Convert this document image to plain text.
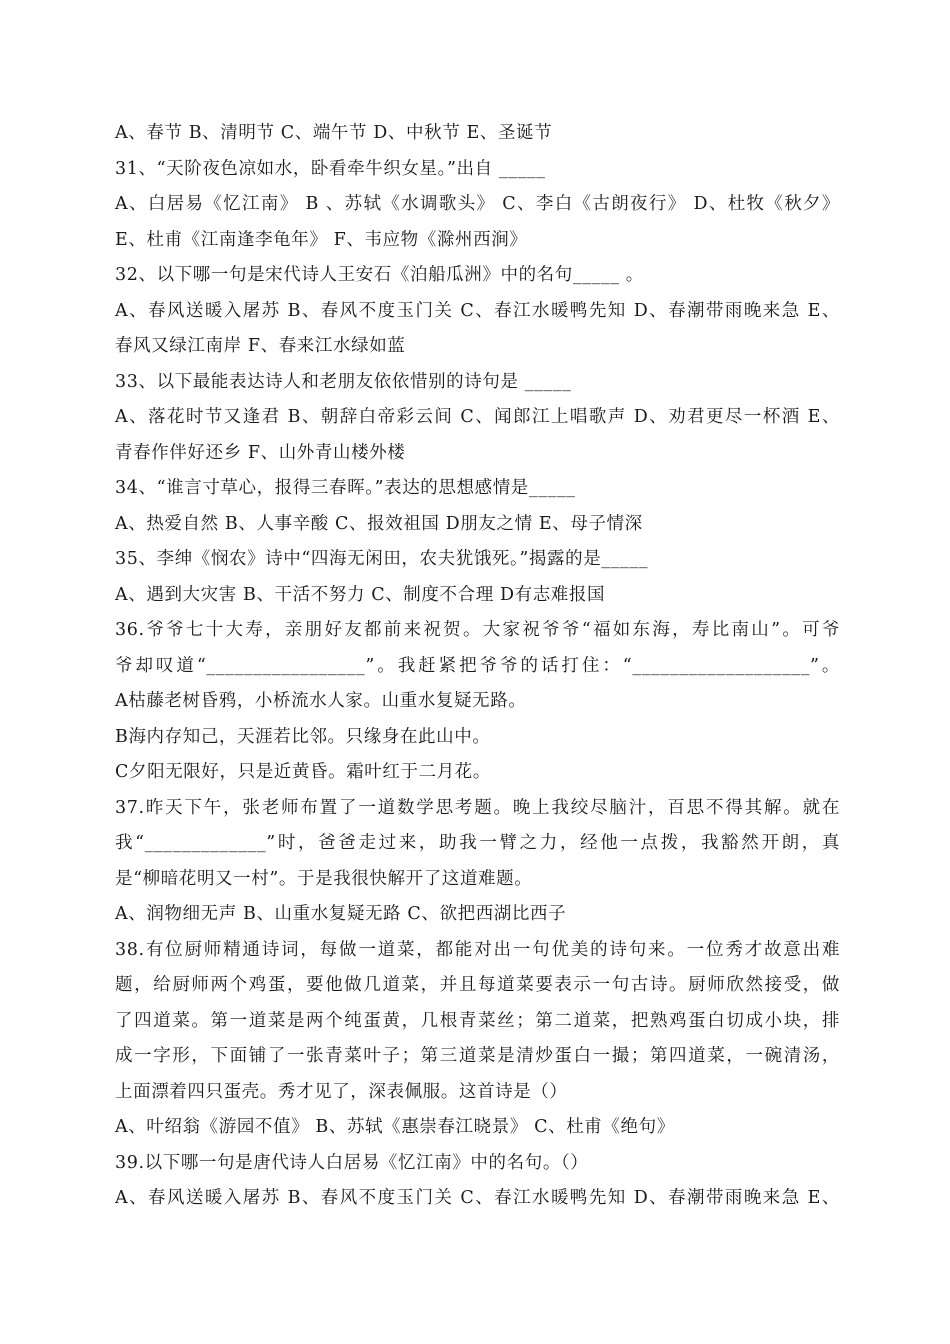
A、春节 B、清明节 C、端午节 D、中秋节 E、圣诞节
31、“天阶夜色凉如水，卧看牵牛织女星。”出自 _____
A、白居易《忆江南》 B 、苏轼《水调歌头》 C、李白《古朗夜行》 D、杜牧《秋夕》
E、杜甫《江南逢李龟年》 F、韦应物《滁州西涧》
32、以下哪一句是宋代诗人王安石《泊船瓜洲》中的名句_____ 。
A、春风送暖入屠苏 B、春风不度玉门关 C、春江水暖鸭先知 D、春潮带雨晚来急 E、
春风又绿江南岸 F、春来江水绿如蓝
33、以下最能表达诗人和老朋友依依惜别的诗句是 _____
A、落花时节又逢君 B、朝辞白帝彩云间 C、闻郎江上唱歌声 D、劝君更尽一杯酒 E、
青春作伴好还乡 F、山外青山楼外楼
34、“谁言寸草心，报得三春晖。”表达的思想感情是_____
A、热爱自然 B、人事辛酸 C、报效祖国 D朋友之情 E、母子情深
35、李绅《悯农》诗中“四海无闲田，农夫犹饿死。”揭露的是_____
A、遇到大灾害 B、干活不努力 C、制度不合理 D有志难报国
36.爷爷七十大寿，亲朋好友都前来祝贺。大家祝爷爷“福如东海，寿比南山”。可爷
爷却叹道“_________________”。我赶紧把爷爷的话打住：“___________________”。
A枯藤老树昏鸦，小桥流水人家。山重水复疑无路。
B海内存知己，天涯若比邻。只缘身在此山中。
C夕阳无限好，只是近黄昏。霜叶红于二月花。
37.昨天下午，张老师布置了一道数学思考题。晚上我绞尽脑汁，百思不得其解。就在
我“_____________”时，爸爸走过来，助我一臂之力，经他一点拨，我豁然开朗，真
是“柳暗花明又一村”。于是我很快解开了这道难题。
A、润物细无声 B、山重水复疑无路 C、欲把西湖比西子
38.有位厨师精通诗词，每做一道菜，都能对出一句优美的诗句来。一位秀才故意出难
题，给厨师两个鸡蛋，要他做几道菜，并且每道菜要表示一句古诗。厨师欣然接受，做
了四道菜。第一道菜是两个纯蛋黄，几根青菜丝；第二道菜，把熟鸡蛋白切成小块，排
成一字形，下面铺了一张青菜叶子；第三道菜是清炒蛋白一撮；第四道菜，一碗清汤，
上面漂着四只蛋壳。秀才见了，深表佩服。这首诗是（）
A、叶绍翁《游园不值》 B、苏轼《惠崇春江晓景》 C、杜甫《绝句》
39.以下哪一句是唐代诗人白居易《忆江南》中的名句。（）
A、春风送暖入屠苏 B、春风不度玉门关 C、春江水暖鸭先知 D、春潮带雨晚来急 E、
